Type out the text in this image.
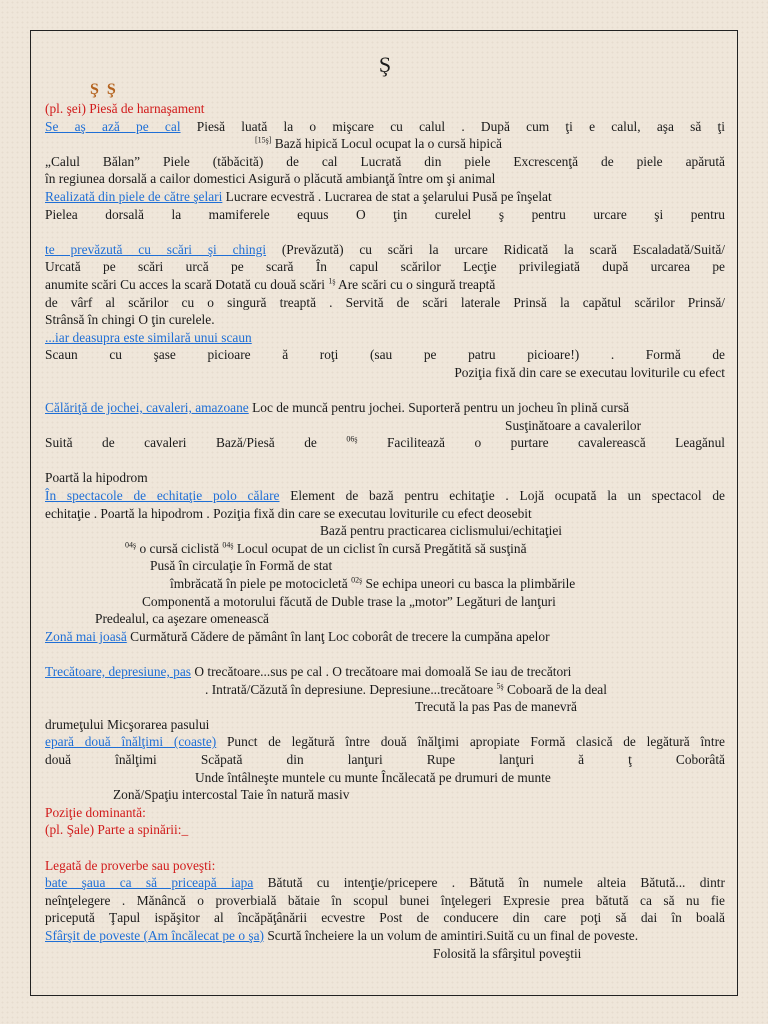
Ş
Ş Ş
(pl. şei) Piesă de harnaşament
Se aş ază pe cal Piesă luată la o mişcare cu calul . După cum ţi e calul, aşa să ţi
[15ş] Bază hipică Locul ocupat la o cursă hipică
„Calul Bălan” Piele (tăbăcită) de cal Lucrată din piele Excrescenţă de piele apărută
în regiunea dorsală a cailor domestici Asigură o plăcută ambianţă între om şi animal
Realizată din piele de către şelari Lucrare ecvestră . Lucrarea de stat a şelarului Pusă pe înşelat
Pielea dorsală la mamiferele equus O ţin curelel ş pentru urcare şi pentru
te prevăzută cu scări şi chingi (Prevăzută) cu scări la urcare Ridicată la scară Escaladată/Suită/
Urcată pe scări urcă pe scară În capul scărilor Lecţie privilegiată după urcarea pe
anumite scări Cu acces la scară Dotată cu două scări $^{1ş}$ Are scări cu o singură treaptă
de vârf al scărilor cu o singură treaptă . Servită de scări laterale Prinsă la capătul scărilor Prinsă/
Strânsă în chingi O ţin curelele.
...iar deasupra este similară unui scaun
Scaun cu şase picioare ă roţi (sau pe patru picioare!) . Formă de
Poziţia fixă din care se executau loviturile cu efect
Călăriţă de jochei, cavaleri, amazoane Loc de muncă pentru jochei. Suporteră pentru un jocheu în plină cursă
Susţinătoare a cavalerilor
Suită de cavaleri Bază/Piesă de $^{06ş}$ Facilitează o purtare cavalerească Leagănul
Poartă la hipodrom
În spectacole de echitaţie polo călare Element de bază pentru echitaţie . Lojă ocupată la un spectacol de
echitaţie . Poartă la hipodrom . Poziţia fixă din care se executau loviturile cu efect deosebit
Bază pentru practicarea ciclismului/echitaţiei
$^{04ş}$ o cursă ciclistă $^{04ş}$ Locul ocupat de un ciclist în cursă Pregătită să susţină
Pusă în circulaţie în Formă de stat
îmbrăcată în piele pe motocicletă $^{02ş}$ Se echipa uneori cu basca la plimbările
Componentă a motorului făcută de Duble trase la „motor” Legături de lanţuri
Predealul, ca aşezare omenească
Zonă mai joasă Curmătură Cădere de pământ în lanţ Loc coborât de trecere la cumpăna apelor
Trecătoare, depresiune, pas O trecătoare...sus pe cal . O trecătoare mai domoală Se iau de trecători
. Intrată/Căzută în depresiune. Depresiune...trecătoare $^{5ş}$ Coboară de la deal
Trecută la pas Pas de manevră
drumeţului Micşorarea pasului
epară două înălţimi (coaste) Punct de legătură între două înălţimi apropiate Formă clasică de legătură între
două înălţimi Scăpată din lanţuri Rupe lanţuri ă ţ Coborâtă
Unde întâlneşte muntele cu munte Încălecată pe drumuri de munte
Zonă/Spaţiu intercostal Taie în natură masiv
Poziţie dominantă:
(pl. Şale) Parte a spinării:_
Legată de proverbe sau poveşti:
bate şaua ca să priceapă iapa Bătută cu intenţie/pricepere . Bătută în numele alteia Bătută... dintr
neînţelegere . Mănâncă o proverbială bătaie în scopul bunei înţelegeri Expresie prea bătută ca să nu fie
pricepută Ţapul ispăşitor al încăpăţânării ecvestre Post de conducere din care poţi să dai în boală
Sfârşit de poveste (Am încălecat pe o şa) Scurtă încheiere la un volum de amintiri.Suită cu un final de poveste.
Folosită la sfârşitul poveştii
